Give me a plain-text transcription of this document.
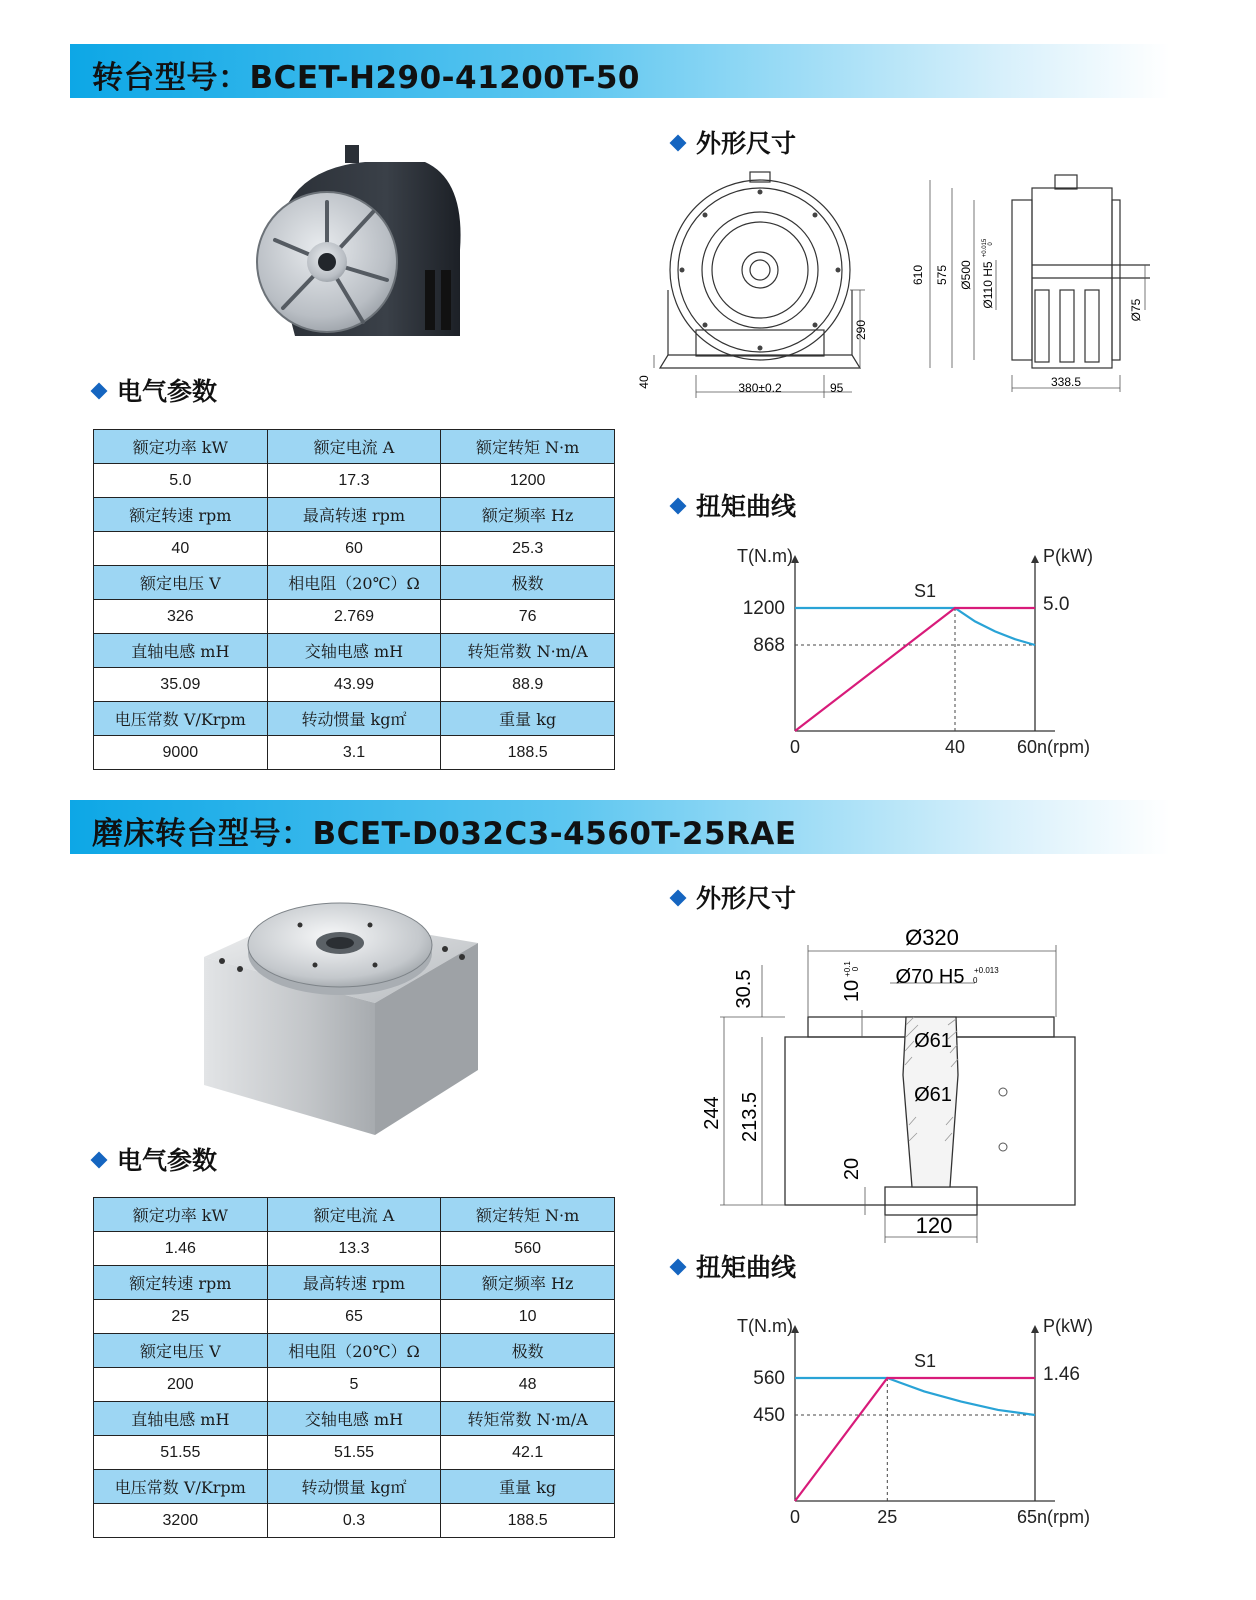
转台型号：BCET-H290-41200T-50
电气参数
外形尺寸
扭矩曲线
额定功率 kW	额定电流 A	额定转矩 N·m
5.0	17.3	1200
额定转速 rpm	最高转速 rpm	额定频率 Hz
40	60	25.3
额定电压 V	相电阻（20℃）Ω	极数
326	2.769	76
直轴电感 mH	交轴电感 mH	转矩常数 N·m/A
35.09	43.99	88.9
电压常数 V/Krpm	转动惯量 kg㎡	重量 kg
9000	3.1	188.5
290
40	380±0.2	95
610 575 Ø500 Ø110 H5
+0.015 0
Ø75
338.5
T(N.m)	P(kW)
S1
1200
868
5.0
0	40	60 n(rpm)
磨床转台型号：BCET-D032C3-4560T-25RAE
电气参数
外形尺寸
扭矩曲线
额定功率 kW	额定电流 A	额定转矩 N·m
1.46	13.3	560
额定转速 rpm	最高转速 rpm	额定频率 Hz
25	65	10
额定电压 V	相电阻（20℃）Ω	极数
200	5	48
直轴电感 mH	交轴电感 mH	转矩常数 N·m/A
51.55	51.55	42.1
电压常数 V/Krpm	转动惯量 kg㎡	重量 kg
3200	0.3	188.5
Ø320
Ø70 H5 +0.013
0
10
+0.1 0
30.5
Ø61
Ø61
244 213.5
20
120
T(N.m)	P(kW)
S1
560
450
1.46
0	25	65 n(rpm)
